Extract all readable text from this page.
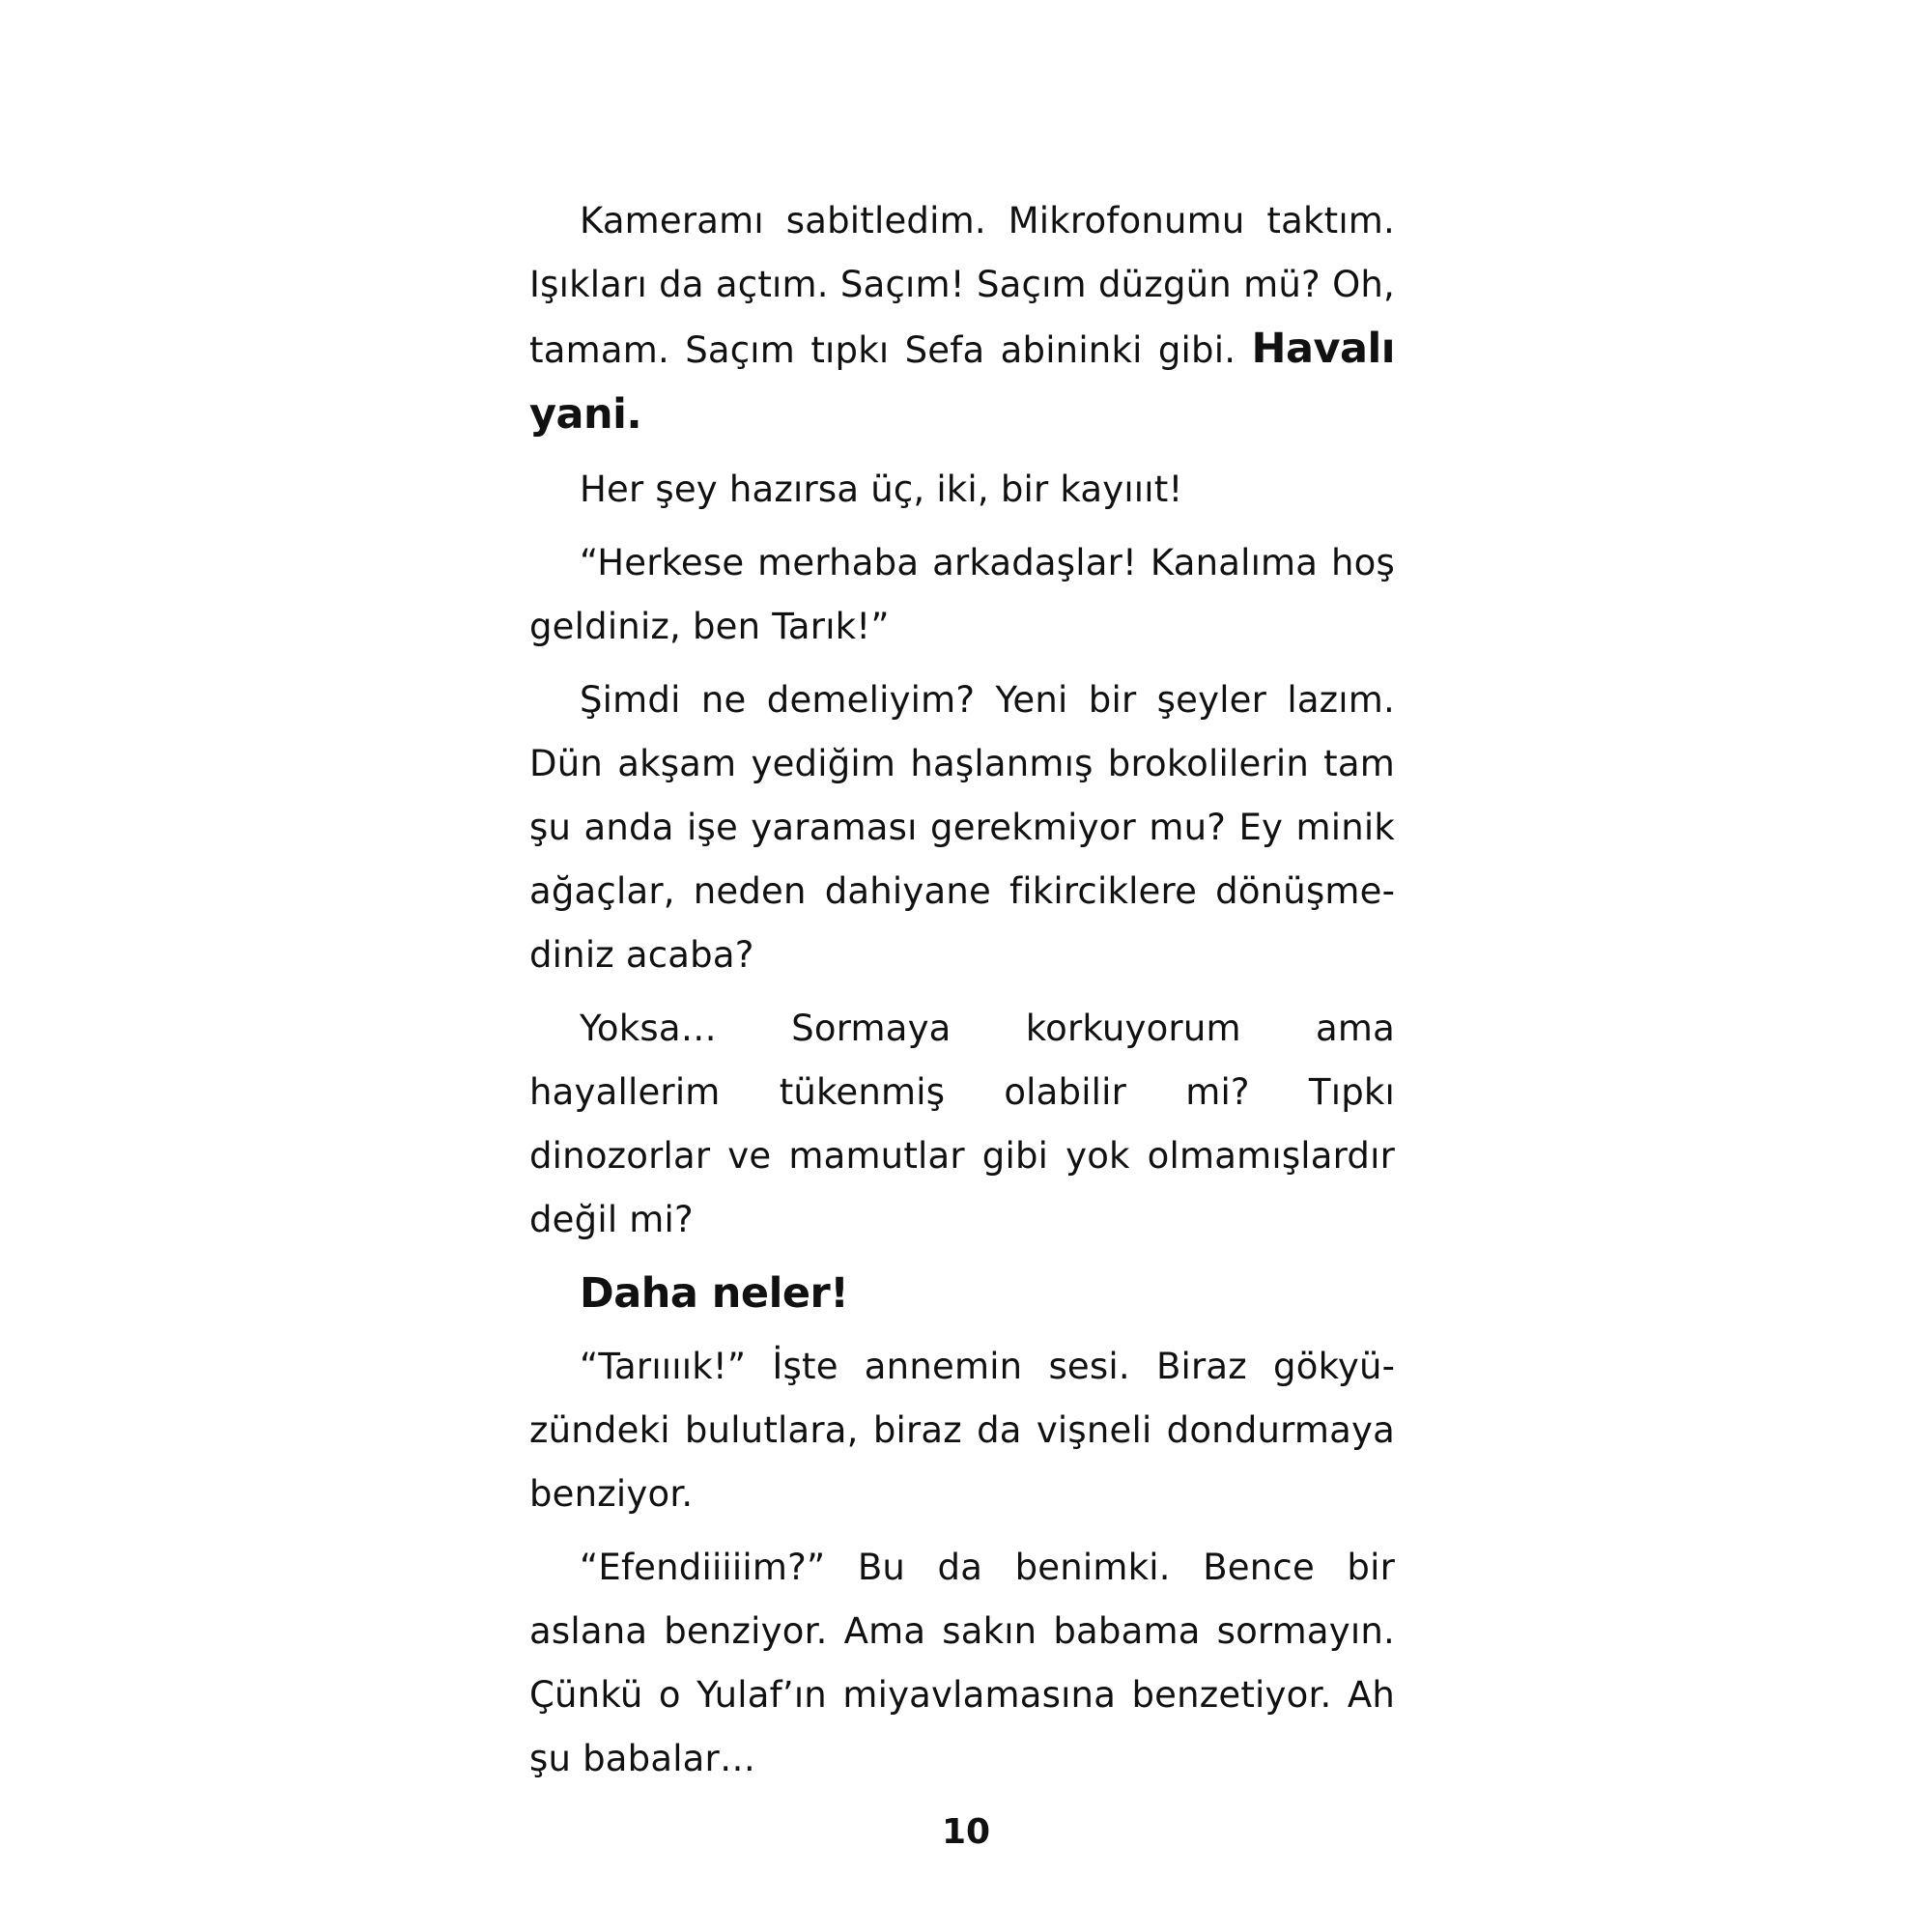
Kameramı sabitledim. Mikrofonumu taktım. Işıkları da açtım. Saçım! Saçım düzgün mü? Oh, tamam. Saçım tıpkı Sefa abininki gibi. Havalı yani.

Her şey hazırsa üç, iki, bir kayıııt!

“Herkese merhaba arkadaşlar! Kanalıma hoş geldiniz, ben Tarık!”

Şimdi ne demeliyim? Yeni bir şeyler lazım. Dün akşam yediğim haşlanmış brokolilerin tam şu anda işe yaraması gerekmiyor mu? Ey minik ağaçlar, neden dahiyane fikirciklere dönüşmediniz acaba?

Yoksa… Sormaya korkuyorum ama hayallerim tükenmiş olabilir mi? Tıpkı dinozorlar ve mamutlar gibi yok olmamışlardır değil mi?

Daha neler!

“Tarıııık!” İşte annemin sesi. Biraz gökyüzündeki bulutlara, biraz da vişneli dondurmaya benziyor.

“Efendiiiiim?” Bu da benimki. Bence bir aslana benziyor. Ama sakın babama sormayın. Çünkü o Yulaf’ın miyavlamasına benzetiyor. Ah şu babalar…

10
